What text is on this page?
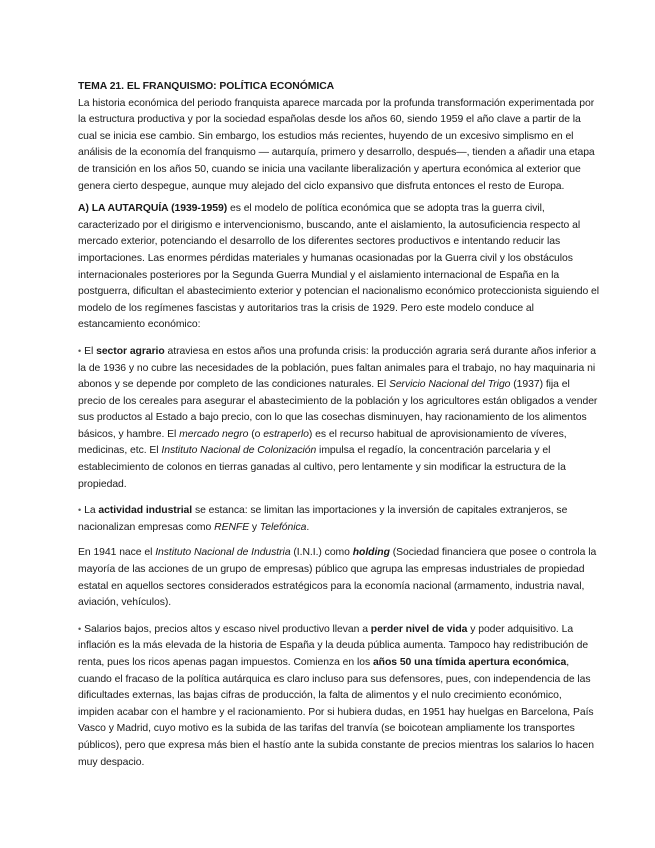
TEMA 21. EL FRANQUISMO: POLÍTICA ECONÓMICA

La historia económica del periodo franquista aparece marcada por la profunda transformación experimentada por la estructura productiva y por la sociedad españolas desde los años 60, siendo 1959 el año clave a partir de la cual se inicia ese cambio. Sin embargo, los estudios más recientes, huyendo de un excesivo simplismo en el análisis de la economía del franquismo — autarquía, primero y desarrollo, después—, tienden a añadir una etapa de transición en los años 50, cuando se inicia una vacilante liberalización y apertura económica al exterior que genera cierto despegue, aunque muy alejado del ciclo expansivo que disfruta entonces el resto de Europa.

A) LA AUTARQUÍA (1939-1959) es el modelo de política económica que se adopta tras la guerra civil, caracterizado por el dirigismo e intervencionismo, buscando, ante el aislamiento, la autosuficiencia respecto al mercado exterior, potenciando el desarrollo de los diferentes sectores productivos e intentando reducir las importaciones. Las enormes pérdidas materiales y humanas ocasionadas por la Guerra civil y los obstáculos internacionales posteriores por la Segunda Guerra Mundial y el aislamiento internacional de España en la postguerra, dificultan el abastecimiento exterior y potencian el nacionalismo económico proteccionista siguiendo el modelo de los regímenes fascistas y autoritarios tras la crisis de 1929. Pero este modelo conduce al estancamiento económico:

• El sector agrario atraviesa en estos años una profunda crisis: la producción agraria será durante años inferior a la de 1936 y no cubre las necesidades de la población, pues faltan animales para el trabajo, no hay maquinaria ni abonos y se depende por completo de las condiciones naturales. El Servicio Nacional del Trigo (1937) fija el precio de los cereales para asegurar el abastecimiento de la población y los agricultores están obligados a vender sus productos al Estado a bajo precio, con lo que las cosechas disminuyen, hay racionamiento de los alimentos básicos, y hambre. El mercado negro (o estraperlo) es el recurso habitual de aprovisionamiento de víveres, medicinas, etc. El Instituto Nacional de Colonización impulsa el regadío, la concentración parcelaria y el establecimiento de colonos en tierras ganadas al cultivo, pero lentamente y sin modificar la estructura de la propiedad.

• La actividad industrial se estanca: se limitan las importaciones y la inversión de capitales extranjeros, se nacionalizan empresas como RENFE y Telefónica.

En 1941 nace el Instituto Nacional de Industria (I.N.I.) como holding (Sociedad financiera que posee o controla la mayoría de las acciones de un grupo de empresas) público que agrupa las empresas industriales de propiedad estatal en aquellos sectores considerados estratégicos para la economía nacional (armamento, industria naval, aviación, vehículos).

• Salarios bajos, precios altos y escaso nivel productivo llevan a perder nivel de vida y poder adquisitivo. La inflación es la más elevada de la historia de España y la deuda pública aumenta. Tampoco hay redistribución de renta, pues los ricos apenas pagan impuestos. Comienza en los años 50 una tímida apertura económica, cuando el fracaso de la política autárquica es claro incluso para sus defensores, pues, con independencia de las dificultades externas, las bajas cifras de producción, la falta de alimentos y el nulo crecimiento económico, impiden acabar con el hambre y el racionamiento. Por si hubiera dudas, en 1951 hay huelgas en Barcelona, País Vasco y Madrid, cuyo motivo es la subida de las tarifas del tranvía (se boicotean ampliamente los transportes públicos), pero que expresa más bien el hastío ante la subida constante de precios mientras los salarios lo hacen muy despacio.
